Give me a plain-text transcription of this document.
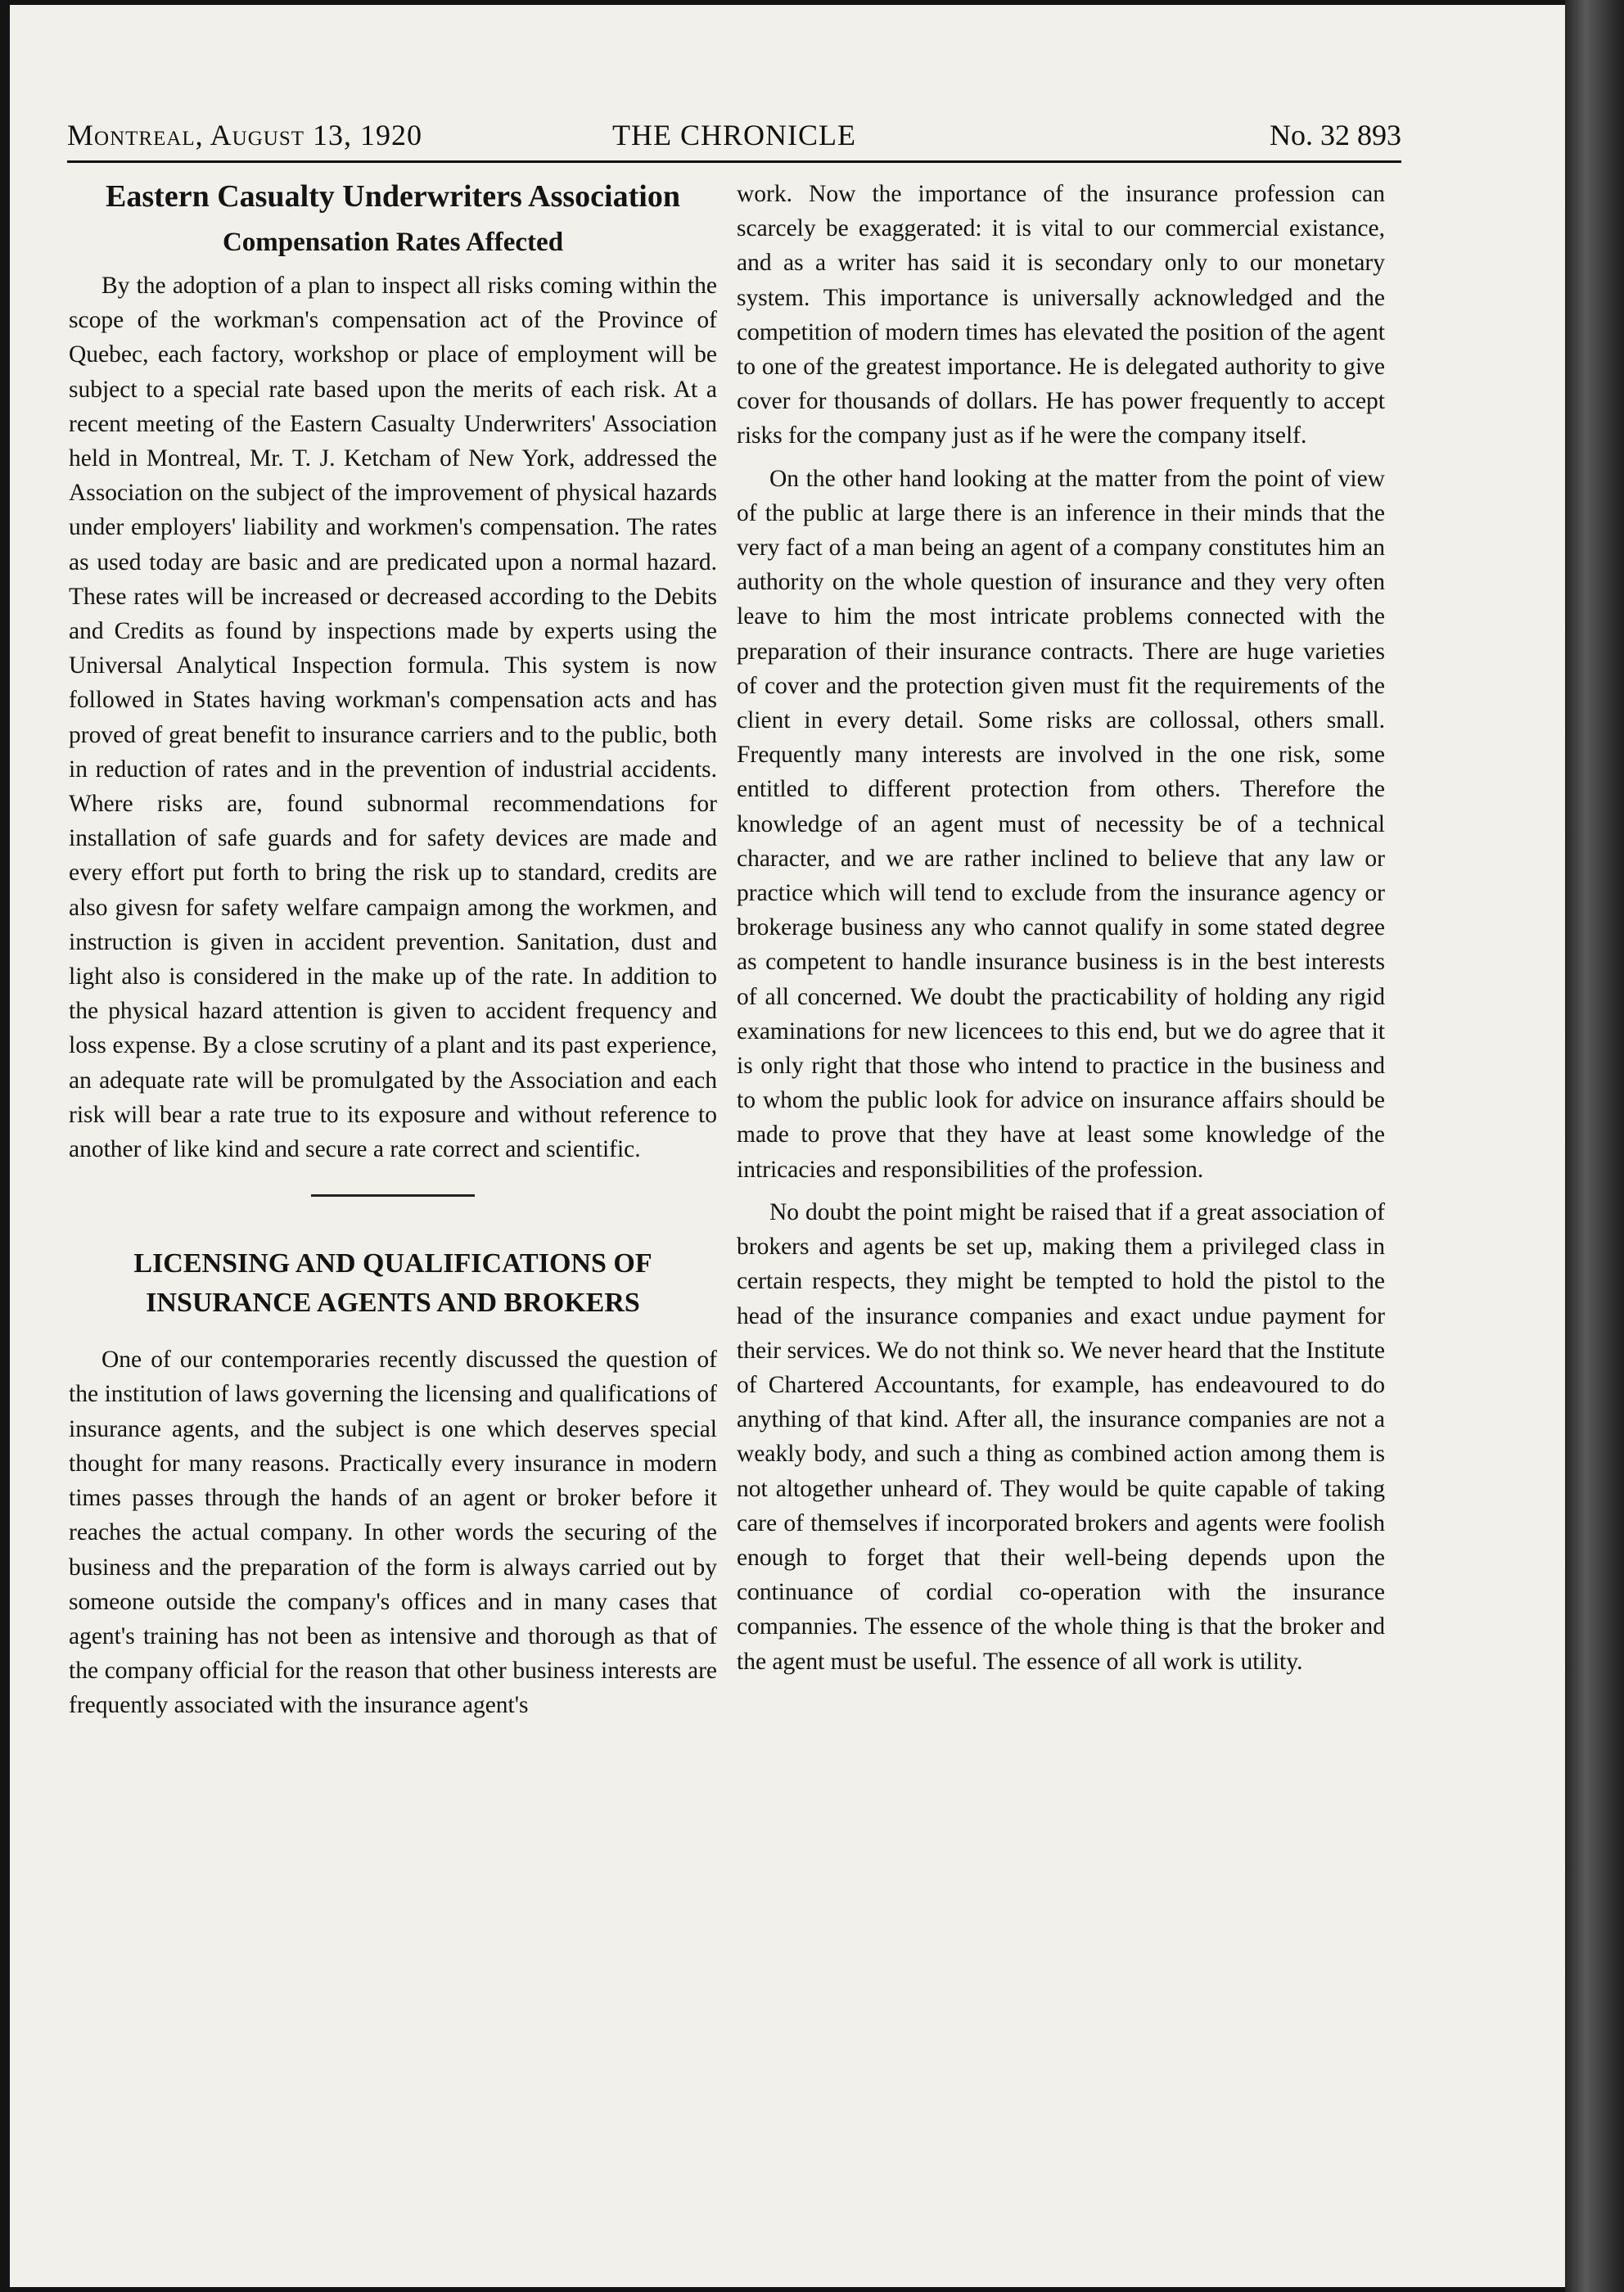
Montreal, August 13, 1920	THE CHRONICLE	No. 32 893
Eastern Casualty Underwriters Association
Compensation Rates Affected

By the adoption of a plan to inspect all risks coming within the scope of the workman's compensation act of the Province of Quebec, each factory, workshop or place of employment will be subject to a special rate based upon the merits of each risk. At a recent meeting of the Eastern Casualty Underwriters' Association held in Montreal, Mr. T. J. Ketcham of New York, addressed the Association on the subject of the improvement of physical hazards under employers' liability and workmen's compensation. The rates as used today are basic and are predicated upon a normal hazard. These rates will be increased or decreased according to the Debits and Credits as found by inspections made by experts using the Universal Analytical Inspection formula. This system is now followed in States having workman's compensation acts and has proved of great benefit to insurance carriers and to the public, both in reduction of rates and in the prevention of industrial accidents. Where risks are, found subnormal recommendations for installation of safe guards and for safety devices are made and every effort put forth to bring the risk up to standard, credits are also givesn for safety welfare campaign among the workmen, and instruction is given in accident prevention. Sanitation, dust and light also is considered in the make up of the rate. In addition to the physical hazard attention is given to accident frequency and loss expense. By a close scrutiny of a plant and its past experience, an adequate rate will be promulgated by the Association and each risk will bear a rate true to its exposure and without reference to another of like kind and secure a rate correct and scientific.

LICENSING AND QUALIFICATIONS OF INSURANCE AGENTS AND BROKERS

One of our contemporaries recently discussed the question of the institution of laws governing the licensing and qualifications of insurance agents, and the subject is one which deserves special thought for many reasons. Practically every insurance in modern times passes through the hands of an agent or broker before it reaches the actual company. In other words the securing of the business and the preparation of the form is always carried out by someone outside the company's offices and in many cases that agent's training has not been as intensive and thorough as that of the company official for the reason that other business interests are frequently associated with the insurance agent's

work. Now the importance of the insurance profession can scarcely be exaggerated: it is vital to our commercial existance, and as a writer has said it is secondary only to our monetary system. This importance is universally acknowledged and the competition of modern times has elevated the position of the agent to one of the greatest importance. He is delegated authority to give cover for thousands of dollars. He has power frequently to accept risks for the company just as if he were the company itself.

On the other hand looking at the matter from the point of view of the public at large there is an inference in their minds that the very fact of a man being an agent of a company constitutes him an authority on the whole question of insurance and they very often leave to him the most intricate problems connected with the preparation of their insurance contracts. There are huge varieties of cover and the protection given must fit the requirements of the client in every detail. Some risks are collossal, others small. Frequently many interests are involved in the one risk, some entitled to different protection from others. Therefore the knowledge of an agent must of necessity be of a technical character, and we are rather inclined to believe that any law or practice which will tend to exclude from the insurance agency or brokerage business any who cannot qualify in some stated degree as competent to handle insurance business is in the best interests of all concerned. We doubt the practicability of holding any rigid examinations for new licencees to this end, but we do agree that it is only right that those who intend to practice in the business and to whom the public look for advice on insurance affairs should be made to prove that they have at least some knowledge of the intricacies and responsibilities of the profession.

No doubt the point might be raised that if a great association of brokers and agents be set up, making them a privileged class in certain respects, they might be tempted to hold the pistol to the head of the insurance companies and exact undue payment for their services. We do not think so. We never heard that the Institute of Chartered Accountants, for example, has endeavoured to do anything of that kind. After all, the insurance companies are not a weakly body, and such a thing as combined action among them is not altogether unheard of. They would be quite capable of taking care of themselves if incorporated brokers and agents were foolish enough to forget that their well-being depends upon the continuance of cordial co-operation with the insurance compannies. The essence of the whole thing is that the broker and the agent must be useful. The essence of all work is utility.
